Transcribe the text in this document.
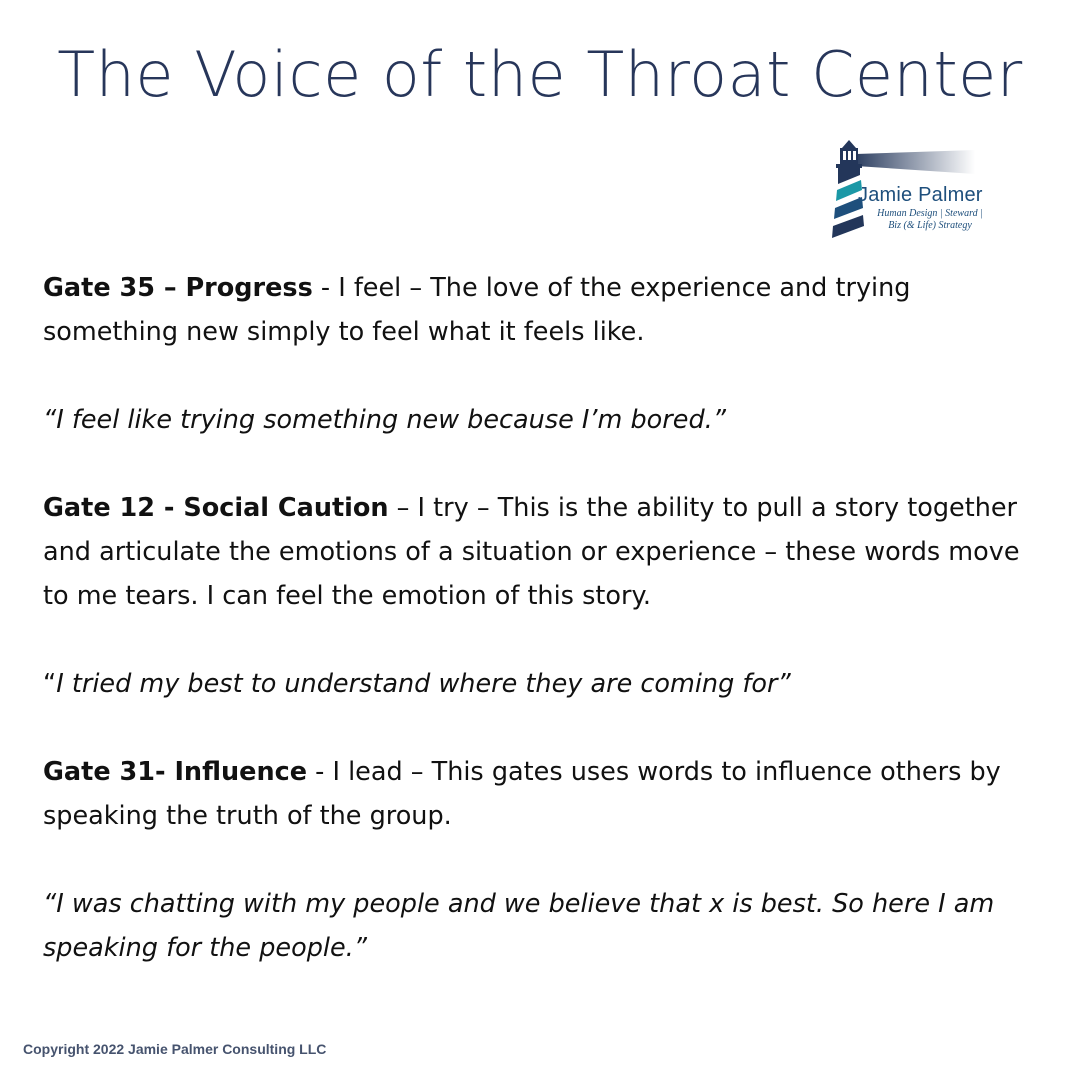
The Voice of the Throat Center
Jamie Palmer
Human Design | Steward |
Biz (& Life) Strategy

Gate 35 – Progress - I feel – The love of the experience and trying something new simply to feel what it feels like.

“I feel like trying something new because I’m bored.”

Gate 12 - Social Caution – I try – This is the ability to pull a story together and articulate the emotions of a situation or experience – these words move to me tears. I can feel the emotion of this story.

“I tried my best to understand where they are coming for”

Gate 31- Influence - I lead – This gates uses words to influence others by speaking the truth of the group.

“I was chatting with my people and we believe that x is best. So here I am speaking for the people.”

Copyright 2022 Jamie Palmer Consulting LLC
